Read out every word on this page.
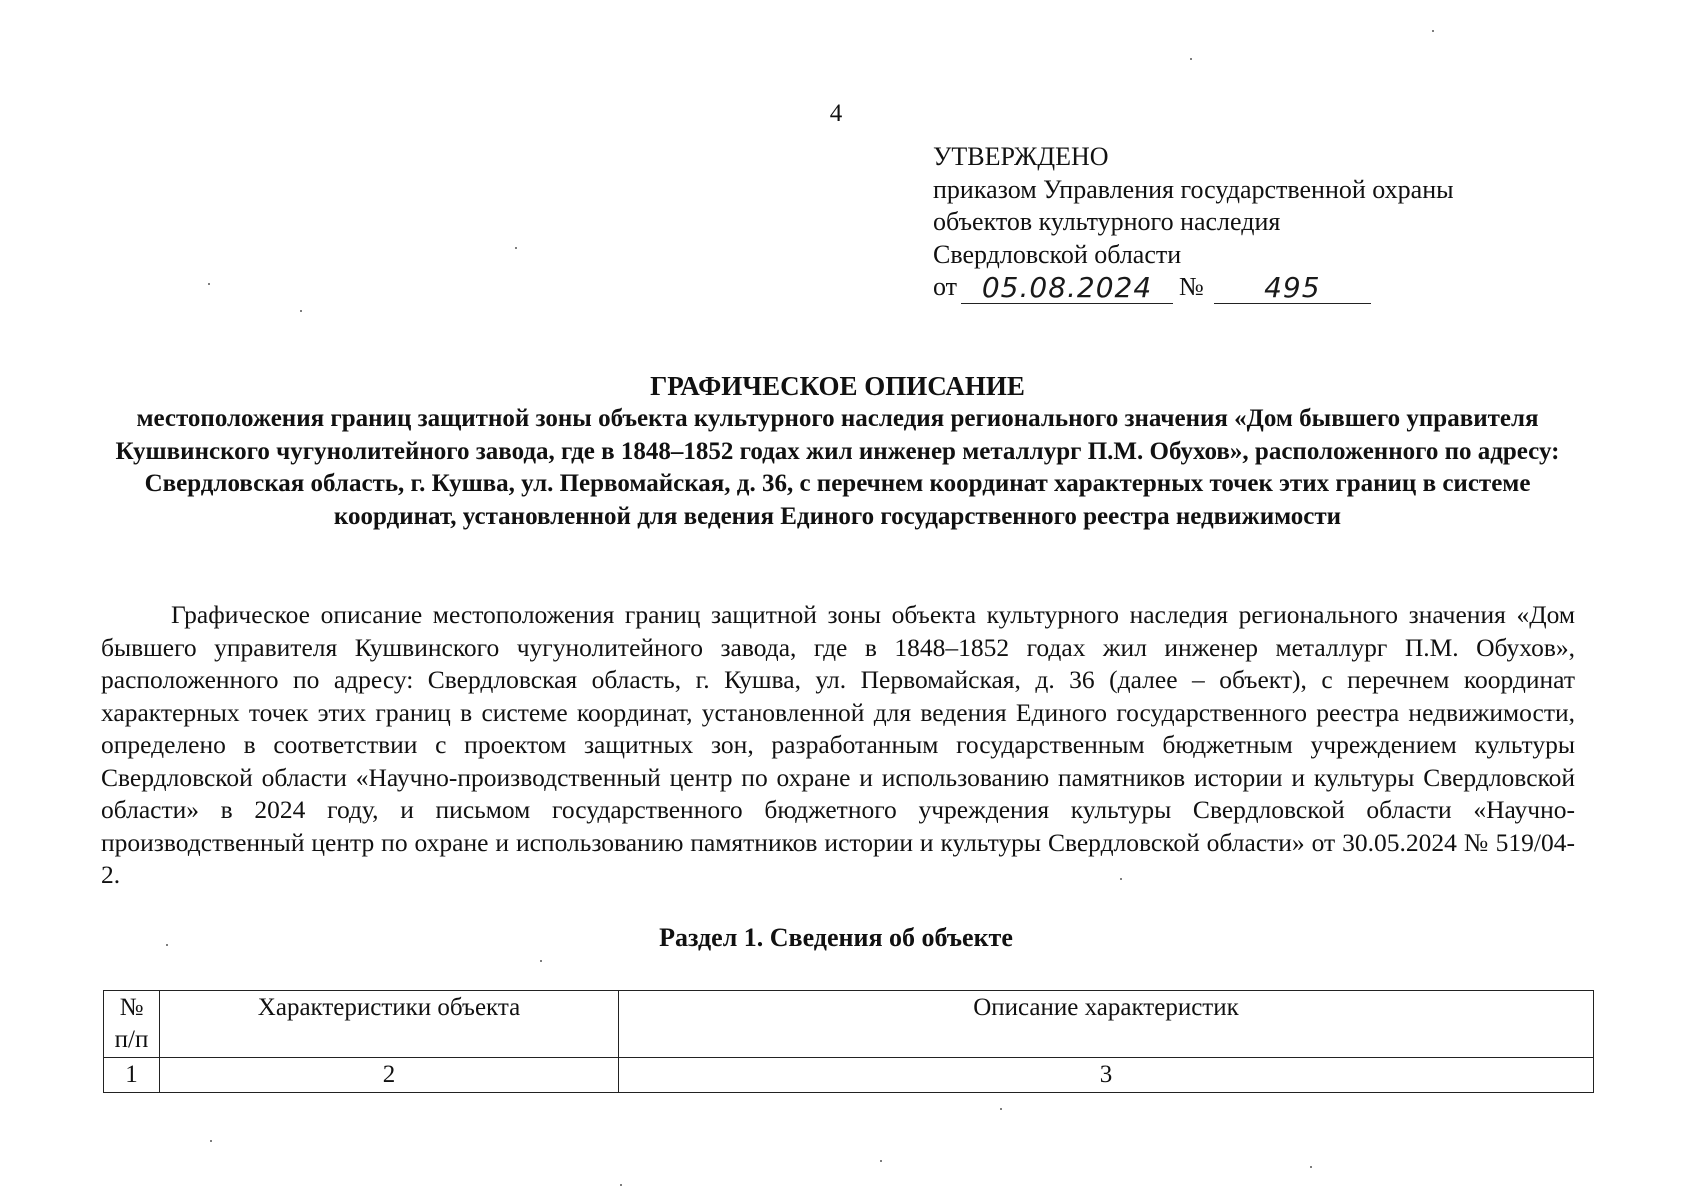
4
УТВЕРЖДЕНО
приказом Управления государственной охраны
объектов культурного наследия
Свердловской области
от 05.08.2024	№	495
ГРАФИЧЕСКОЕ ОПИСАНИЕ
местоположения границ защитной зоны объекта культурного наследия регионального значения «Дом бывшего управителя Кушвинского чугунолитейного завода, где в 1848–1852 годах жил инженер металлург П.М. Обухов», расположенного по адресу: Свердловская область, г. Кушва, ул. Первомайская, д. 36, с перечнем координат характерных точек этих границ в системе координат, установленной для ведения Единого государственного реестра недвижимости

Графическое описание местоположения границ защитной зоны объекта культурного наследия регионального значения «Дом бывшего управителя Кушвинского чугунолитейного завода, где в 1848–1852 годах жил инженер металлург П.М. Обухов», расположенного по адресу: Свердловская область, г. Кушва, ул. Первомайская, д. 36 (далее – объект), с перечнем координат характерных точек этих границ в системе координат, установленной для ведения Единого государственного реестра недвижимости, определено в соответствии с проектом защитных зон, разработанным государственным бюджетным учреждением культуры Свердловской области «Научно-производственный центр по охране и использованию памятников истории и культуры Свердловской области» в 2024 году, и письмом государственного бюджетного учреждения культуры Свердловской области «Научно-производственный центр по охране и использованию памятников истории и культуры Свердловской области» от 30.05.2024 № 519/04-2.

Раздел 1. Сведения об объекте
№ п/п	Характеристики объекта	Описание характеристик
1	2	3
